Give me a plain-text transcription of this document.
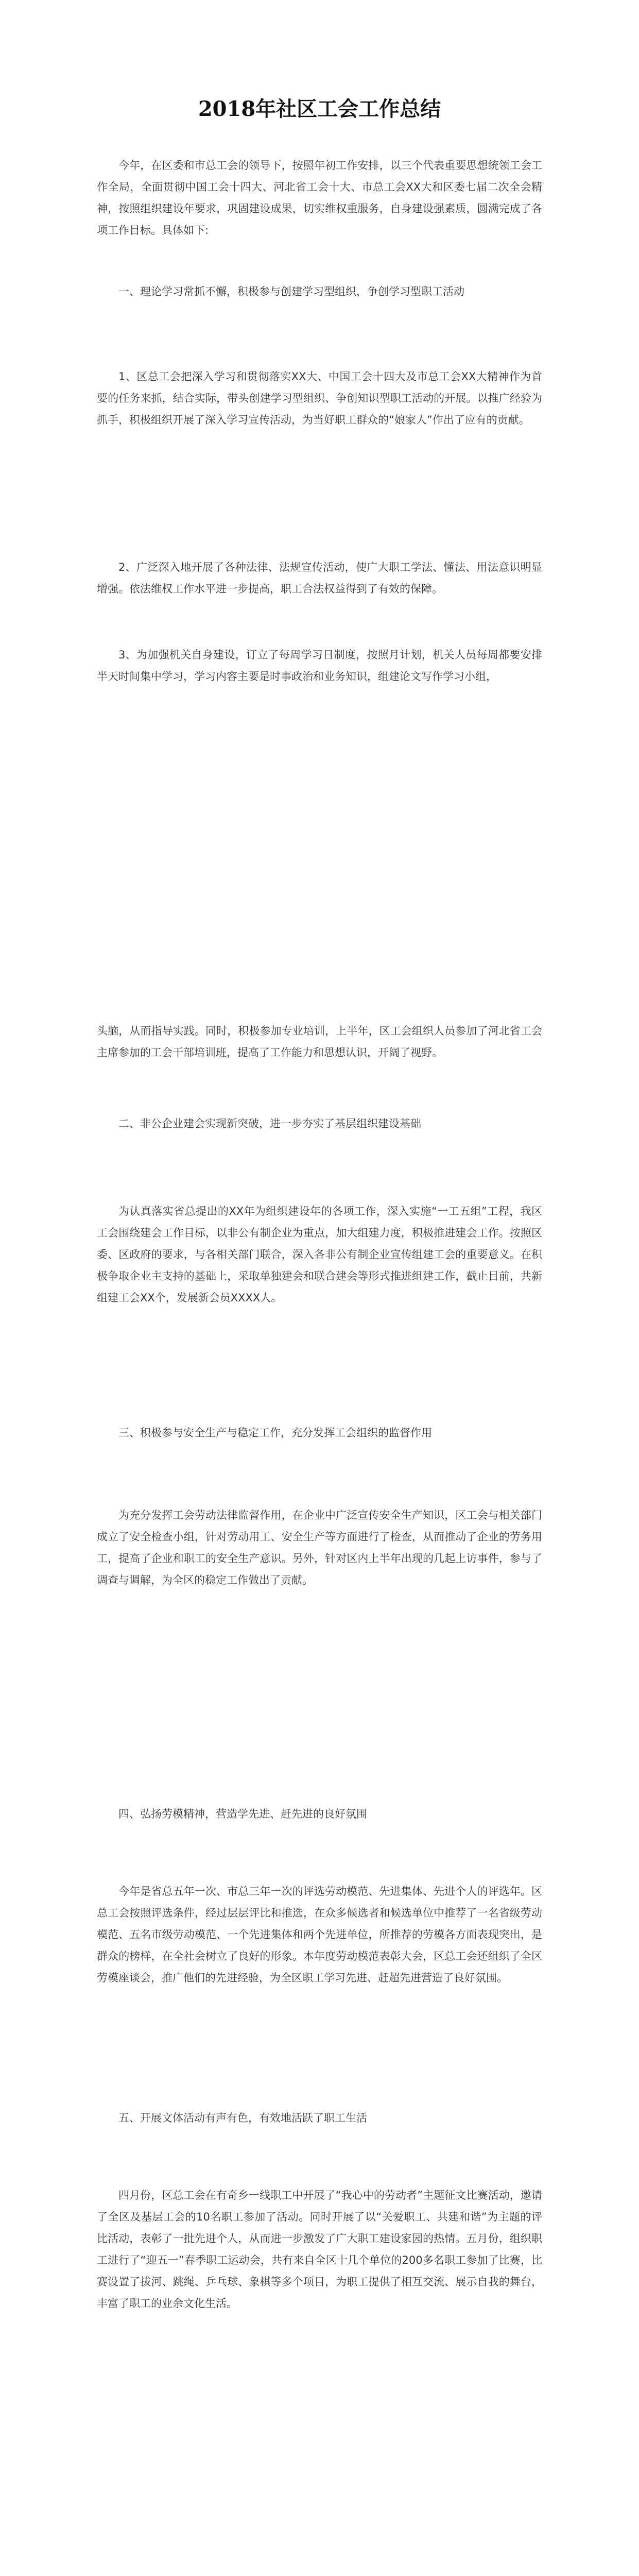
2018年社区工会工作总结

今年，在区委和市总工会的领导下，按照年初工作安排，以三个代表重要思想统领工会工作全局，全面贯彻中国工会十四大、河北省工会十大、市总工会XX大和区委七届二次全会精神，按照组织建设年要求，巩固建设成果，切实维权重服务，自身建设强素质，圆满完成了各项工作目标。具体如下:

一、理论学习常抓不懈，积极参与创建学习型组织，争创学习型职工活动

1、区总工会把深入学习和贯彻落实XX大、中国工会十四大及市总工会XX大精神作为首要的任务来抓，结合实际，带头创建学习型组织、争创知识型职工活动的开展。以推广经验为抓手，积极组织开展了深入学习宣传活动，为当好职工群众的“娘家人”作出了应有的贡献。

2、广泛深入地开展了各种法律、法规宣传活动，使广大职工学法、懂法、用法意识明显增强。依法维权工作水平进一步提高，职工合法权益得到了有效的保障。

3、为加强机关自身建设，订立了每周学习日制度，按照月计划，机关人员每周都要安排半天时间集中学习，学习内容主要是时事政治和业务知识，组建论文写作学习小组，

头脑，从而指导实践。同时，积极参加专业培训，上半年，区工会组织人员参加了河北省工会主席参加的工会干部培训班，提高了工作能力和思想认识，开阔了视野。

二、非公企业建会实现新突破，进一步夯实了基层组织建设基础

为认真落实省总提出的XX年为组织建设年的各项工作，深入实施“一工五组”工程，我区工会围绕建会工作目标，以非公有制企业为重点，加大组建力度，积极推进建会工作。按照区委、区政府的要求，与各相关部门联合，深入各非公有制企业宣传组建工会的重要意义。在积极争取企业主支持的基础上，采取单独建会和联合建会等形式推进组建工作，截止目前，共新组建工会XX个，发展新会员XXXX人。

三、积极参与安全生产与稳定工作，充分发挥工会组织的监督作用

为充分发挥工会劳动法律监督作用，在企业中广泛宣传安全生产知识，区工会与相关部门成立了安全检查小组，针对劳动用工、安全生产等方面进行了检查，从而推动了企业的劳务用工，提高了企业和职工的安全生产意识。另外，针对区内上半年出现的几起上访事件，参与了调查与调解，为全区的稳定工作做出了贡献。

四、弘扬劳模精神，营造学先进、赶先进的良好氛围

今年是省总五年一次、市总三年一次的评选劳动模范、先进集体、先进个人的评选年。区总工会按照评选条件，经过层层评比和推选，在众多候选者和候选单位中推荐了一名省级劳动模范、五名市级劳动模范、一个先进集体和两个先进单位，所推荐的劳模各方面表现突出，是群众的榜样，在全社会树立了良好的形象。本年度劳动模范表彰大会，区总工会还组织了全区劳模座谈会，推广他们的先进经验，为全区职工学习先进、赶超先进营造了良好氛围。

五、开展文体活动有声有色，有效地活跃了职工生活

四月份，区总工会在有奇乡一线职工中开展了“我心中的劳动者”主题征文比赛活动，邀请了全区及基层工会的10名职工参加了活动。同时开展了以“关爱职工、共建和谐”为主题的评比活动，表彰了一批先进个人，从而进一步激发了广大职工建设家园的热情。五月份，组织职工进行了“迎五一”春季职工运动会，共有来自全区十几个单位的200多名职工参加了比赛，比赛设置了拔河、跳绳、乒乓球、象棋等多个项目，为职工提供了相互交流、展示自我的舞台，丰富了职工的业余文化生活。
